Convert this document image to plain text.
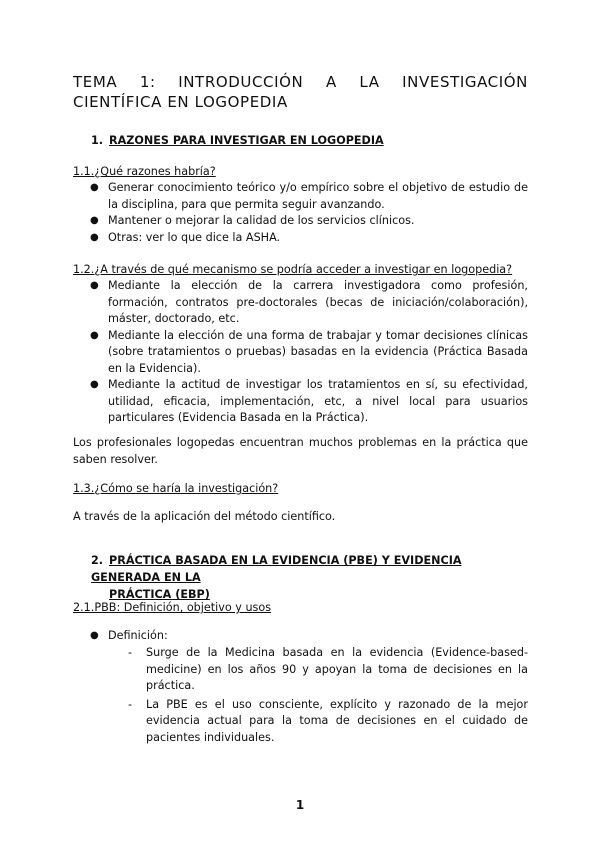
TEMA 1: INTRODUCCIÓN A LA INVESTIGACIÓN CIENTÍFICA EN LOGOPEDIA
1. RAZONES PARA INVESTIGAR EN LOGOPEDIA
1.1.¿Qué razones habría?
● Generar conocimiento teórico y/o empírico sobre el objetivo de estudio de la disciplina, para que permita seguir avanzando.
● Mantener o mejorar la calidad de los servicios clínicos.
● Otras: ver lo que dice la ASHA.
1.2.¿A través de qué mecanismo se podría acceder a investigar en logopedia?
● Mediante la elección de la carrera investigadora como profesión, formación, contratos pre-doctorales (becas de iniciación/colaboración), máster, doctorado, etc.
● Mediante la elección de una forma de trabajar y tomar decisiones clínicas (sobre tratamientos o pruebas) basadas en la evidencia (Práctica Basada en la Evidencia).
● Mediante la actitud de investigar los tratamientos en sí, su efectividad, utilidad, eficacia, implementación, etc, a nivel local para usuarios particulares (Evidencia Basada en la Práctica).
Los profesionales logopedas encuentran muchos problemas en la práctica que saben resolver.
1.3.¿Cómo se haría la investigación?
A través de la aplicación del método científico.
2. PRÁCTICA BASADA EN LA EVIDENCIA (PBE) Y EVIDENCIA GENERADA EN LA
PRÁCTICA (EBP)
2.1.PBB: Definición, objetivo y usos
● Definición:
- Surge de la Medicina basada en la evidencia (Evidence-based-medicine) en los años 90 y apoyan la toma de decisiones en la práctica.
- La PBE es el uso consciente, explícito y razonado de la mejor evidencia actual para la toma de decisiones en el cuidado de pacientes individuales.
1
